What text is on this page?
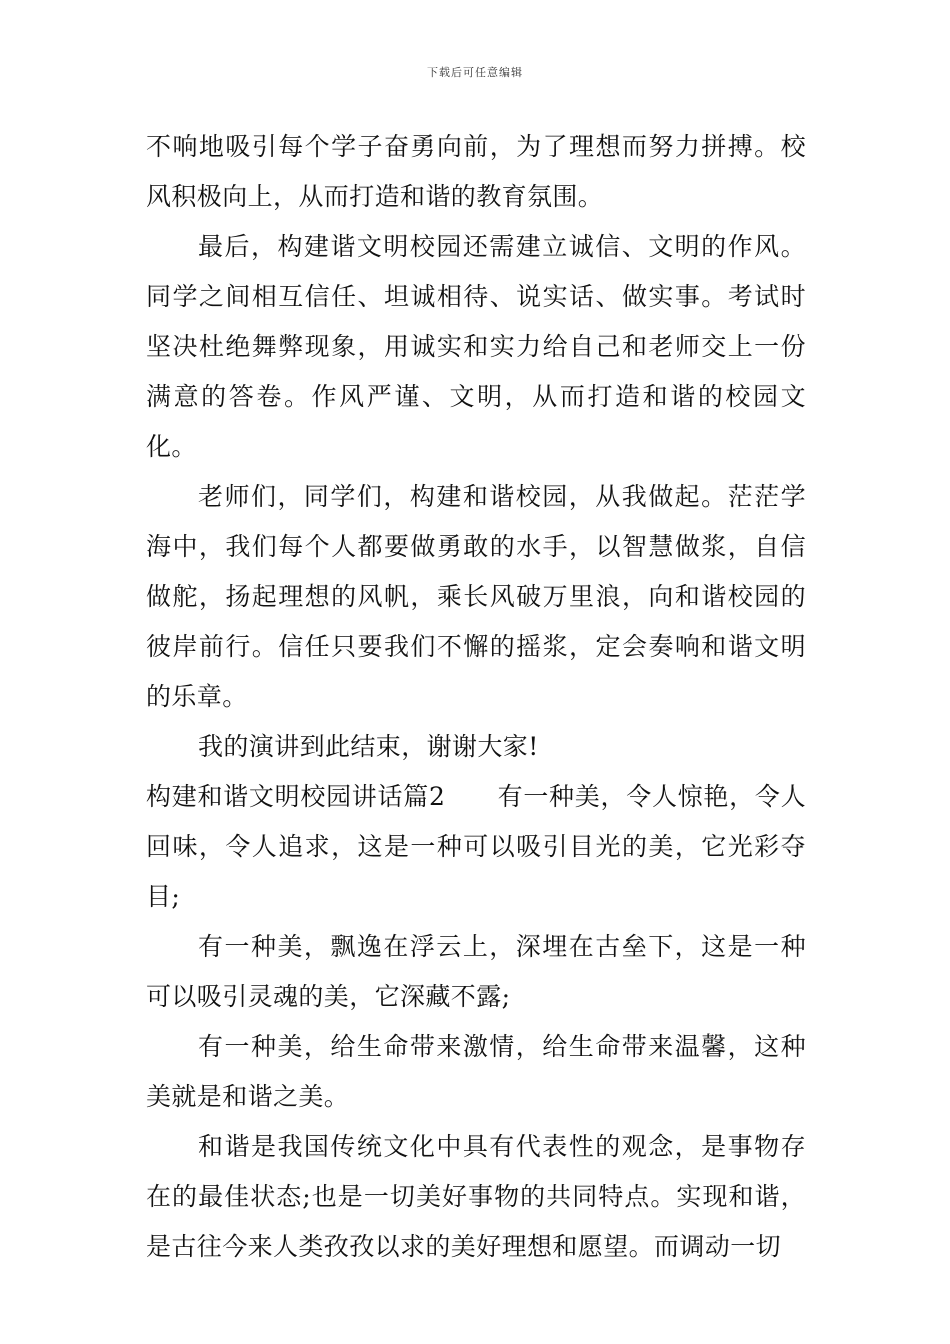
下载后可任意编辑

不响地吸引每个学子奋勇向前，为了理想而努力拼搏。校风积极向上，从而打造和谐的教育氛围。

最后，构建谐文明校园还需建立诚信、文明的作风。同学之间相互信任、坦诚相待、说实话、做实事。考试时坚决杜绝舞弊现象，用诚实和实力给自己和老师交上一份满意的答卷。作风严谨、文明，从而打造和谐的校园文化。

老师们，同学们，构建和谐校园，从我做起。茫茫学海中，我们每个人都要做勇敢的水手，以智慧做浆，自信做舵，扬起理想的风帆，乘长风破万里浪，向和谐校园的彼岸前行。信任只要我们不懈的摇浆，定会奏响和谐文明的乐章。

我的演讲到此结束，谢谢大家!

构建和谐文明校园讲话篇2 有一种美，令人惊艳，令人回味，令人追求，这是一种可以吸引目光的美，它光彩夺目;

有一种美，飘逸在浮云上，深埋在古垒下，这是一种可以吸引灵魂的美，它深藏不露;

有一种美，给生命带来激情，给生命带来温馨，这种美就是和谐之美。

和谐是我国传统文化中具有代表性的观念，是事物存在的最佳状态;也是一切美好事物的共同特点。实现和谐，是古往今来人类孜孜以求的美好理想和愿望。而调动一切
